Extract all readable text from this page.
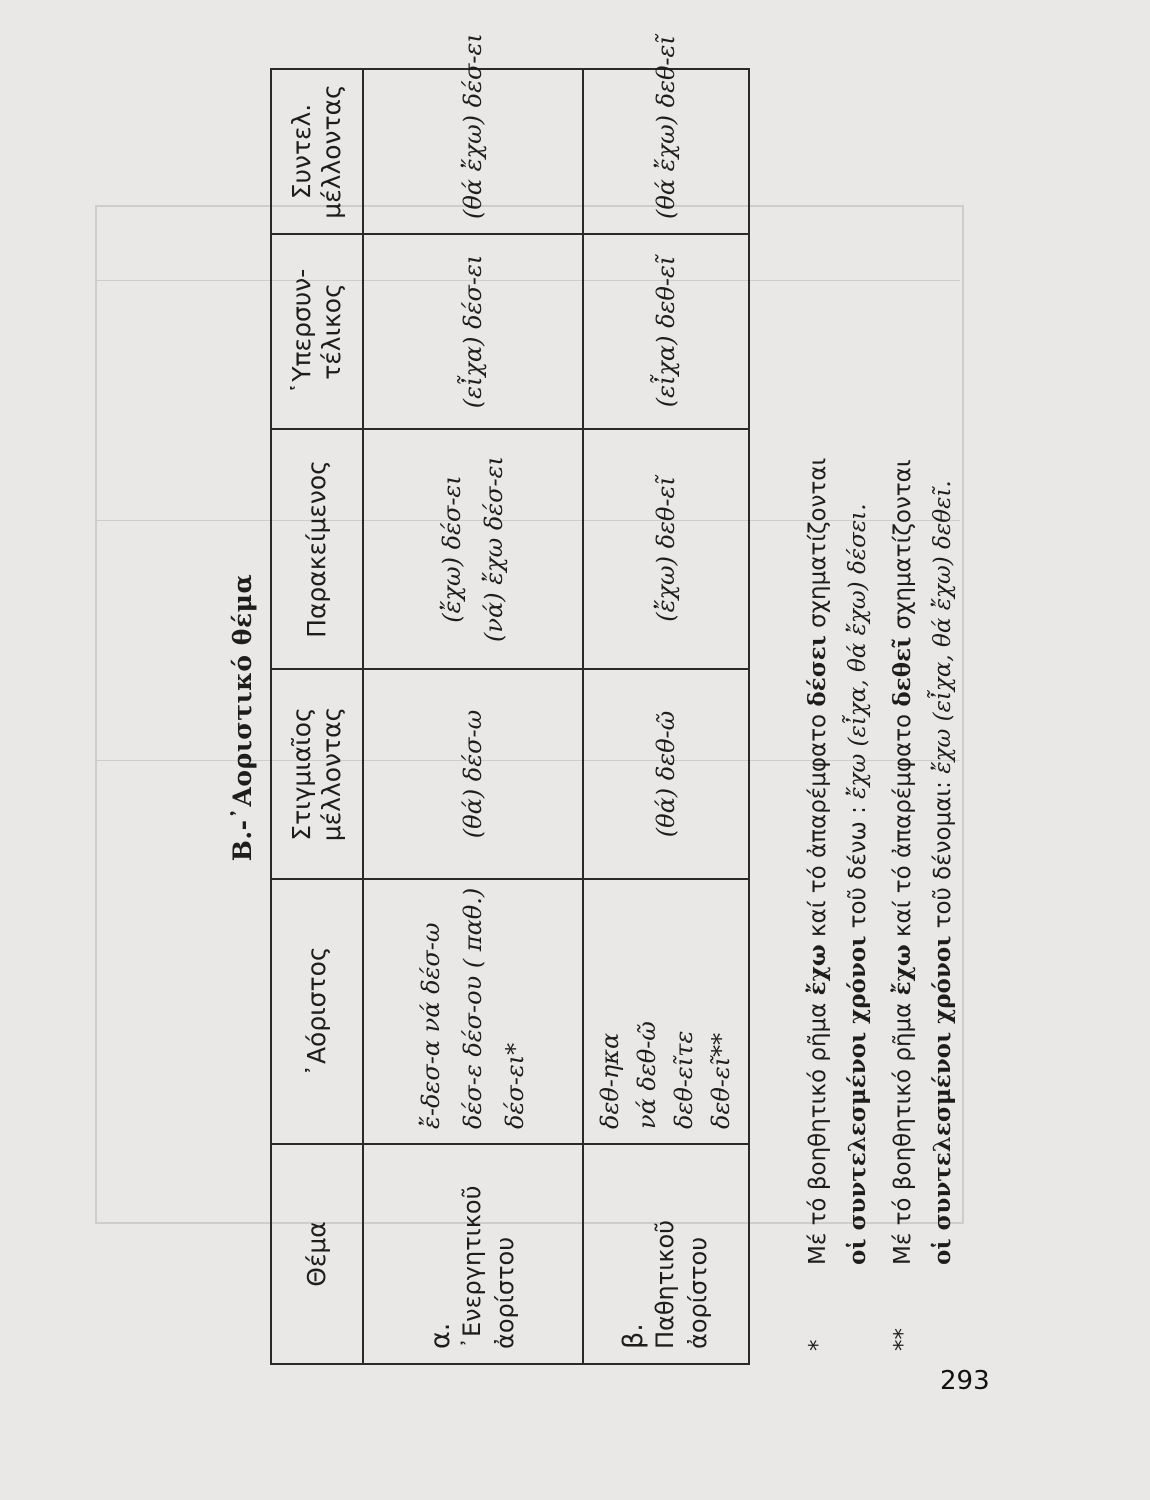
Β.-᾿Αοριστικό θέμα
Θέμα	᾿Αόριστος	Στιγμιαῖος μέλλοντας	Παρακείμενος	῾Υπερσυν- τέλικος	Συντελ. μέλλοντας

α. ᾿Ενεργητικοῦ ἀορίστου	ἔ-δεσ-α νά δέσ-ω δέσ-ε δέσ-ου ( παθ.) δέσ-ει*	(θά) δέσ-ω	(ἔχω) δέσ-ει (νά) ἔχω δέσ-ει	(εἶχα) δέσ-ει	(θά ἔχω) δέσ-ει

β. Παθητικοῦ ἀορίστου	δεθ-ηκα νά δεθ-ῶ δεθ-εῖτε δεθ-εῖ**	(θά) δεθ-ῶ	(ἔχω) δεθ-εῖ	(εἶχα) δεθ-εῖ	(θά ἔχω) δεθ-εῖ
*
Μέ τό βοηθητικό ρῆμα ἔχω καί τό ἀπαρέμφατο δέσει σχηματίζονται
οἱ συντελεσμένοι χρόνοι τοῦ δένω : ἔχω (εἶχα, θά ἔχω) δέσει.
**
Μέ τό βοηθητικό ρῆμα ἔχω καί τό ἀπαρέμφατο δεθεῖ σχηματίζονται
οἱ συντελεσμένοι χρόνοι τοῦ δένομαι: ἔχω (εἶχα, θά ἔχω) δεθεῖ.
293
